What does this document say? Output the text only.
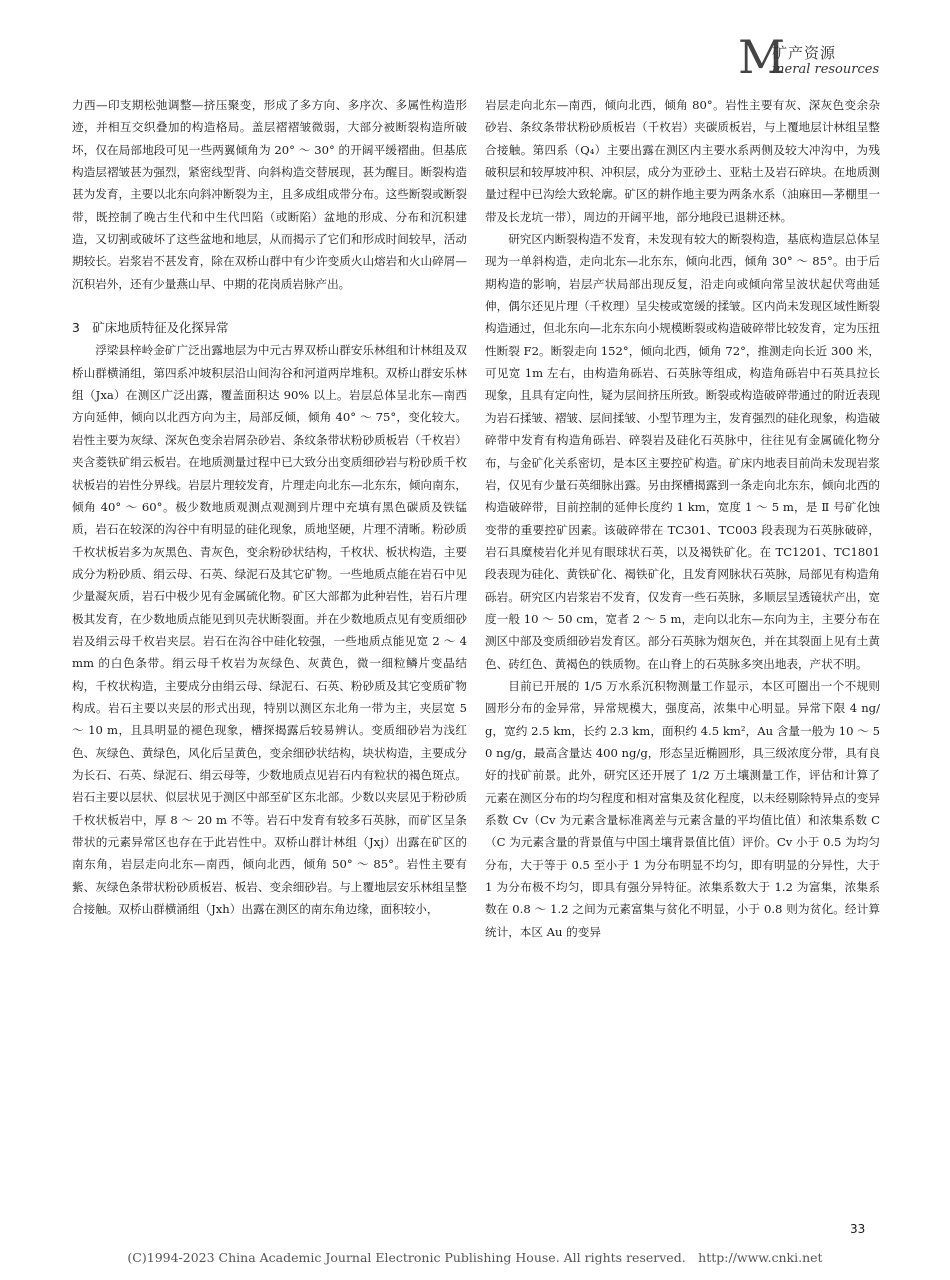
M
矿产资源
ineral resources

力西—印支期松弛调整—挤压聚变，形成了多方向、多序次、多属性构造形迹，并相互交织叠加的构造格局。盖层褶褶皱微弱，大部分被断裂构造所破坏，仅在局部地段可见一些两翼倾角为 20° ～ 30° 的开阔平缓褶曲。但基底构造层褶皱甚为强烈，紧密线型背、向斜构造交替展现，甚为醒目。断裂构造甚为发育，主要以北东向斜冲断裂为主，且多成组成带分布。这些断裂或断裂带，既控制了晚古生代和中生代凹陷（或断陷）盆地的形成、分布和沉积建造，又切割或破坏了这些盆地和地层，从而揭示了它们和形成时间较早，活动期较长。岩浆岩不甚发育，除在双桥山群中有少许变质火山熔岩和火山碎屑—沉积岩外，还有少量燕山早、中期的花岗质岩脉产出。

3　矿床地质特征及化探异常

浮梁县梓岭金矿广泛出露地层为中元古界双桥山群安乐林组和计林组及双桥山群横涌组，第四系冲坡积层沿山间沟谷和河道两岸堆积。双桥山群安乐林组（Jxa）在测区广泛出露，覆盖面积达 90% 以上。岩层总体呈北东—南西方向延伸，倾向以北西方向为主，局部反倾，倾角 40° ～ 75°，变化较大。岩性主要为灰绿、深灰色变余岩屑杂砂岩、条纹条带状粉砂质板岩（千枚岩）夹含菱铁矿绢云板岩。在地质测量过程中已大致分出变质细砂岩与粉砂质千枚状板岩的岩性分界线。岩层片理较发育，片理走向北东—北东东，倾向南东，倾角 40° ～ 60°。极少数地质观测点观测到片理中充填有黑色碳质及铁锰质，岩石在较深的沟谷中有明显的硅化现象，质地坚硬，片理不清晰。粉砂质千枚状板岩多为灰黑色、青灰色，变余粉砂状结构，千枚状、板状构造，主要成分为粉砂质、绢云母、石英、绿泥石及其它矿物。一些地质点能在岩石中见少量凝灰质，岩石中极少见有金属硫化物。矿区大部都为此种岩性，岩石片理极其发育，在少数地质点能见到贝壳状断裂面。并在少数地质点见有变质细砂岩及绢云母千枚岩夹层。岩石在沟谷中硅化较强，一些地质点能见宽 2 ～ 4 mm 的白色条带。绢云母千枚岩为灰绿色、灰黄色，微一细粒鳞片变晶结构，千枚状构造，主要成分由绢云母、绿泥石、石英、粉砂质及其它变质矿物构成。岩石主要以夹层的形式出现，特别以测区东北角一带为主，夹层宽 5 ～ 10 m，且具明显的褪色现象，槽探揭露后较易辨认。变质细砂岩为浅红色、灰绿色、黄绿色，风化后呈黄色，变余细砂状结构，块状构造，主要成分为长石、石英、绿泥石、绢云母等，少数地质点见岩石内有粒状的褐色斑点。岩石主要以层状、似层状见于测区中部至矿区东北部。少数以夹层见于粉砂质千枚状板岩中，厚 8 ～ 20 m 不等。岩石中发育有较多石英脉，而矿区呈条带状的元素异常区也存在于此岩性中。双桥山群计林组（Jxj）出露在矿区的南东角，岩层走向北东—南西，倾向北西，倾角 50° ～ 85°。岩性主要有紫、灰绿色条带状粉砂质板岩、板岩、变余细砂岩。与上覆地层安乐林组呈整合接触。双桥山群横涌组（Jxh）出露在测区的南东角边缘，面积较小，

岩层走向北东—南西，倾向北西，倾角 80°。岩性主要有灰、深灰色变余杂砂岩、条纹条带状粉砂质板岩（千枚岩）夹碳质板岩，与上覆地层计林组呈整合接触。第四系（Q₄）主要出露在测区内主要水系两侧及较大冲沟中，为残破积层和较厚坡冲积、冲积层，成分为亚砂土、亚粘土及岩石碎块。在地质测量过程中已沟绘大致轮廓。矿区的耕作地主要为两条水系（油麻田—茅棚里一带及长龙坑一带），周边的开阔平地，部分地段已退耕还林。

研究区内断裂构造不发育，未发现有较大的断裂构造，基底构造层总体呈现为一单斜构造，走向北东—北东东，倾向北西，倾角 30° ～ 85°。由于后期构造的影响，岩层产状局部出现反复，沿走向或倾向常呈波状起伏弯曲延伸，偶尔还见片理（千枚理）呈尖棱或宽缓的揉皱。区内尚未发现区域性断裂构造通过，但北东向—北东东向小规模断裂或构造破碎带比较发育，定为压扭性断裂 F2。断裂走向 152°，倾向北西，倾角 72°，推测走向长近 300 米，可见宽 1m 左右，由构造角砾岩、石英脉等组成，构造角砾岩中石英具拉长现象，且具有定向性，疑为层间挤压所致。断裂或构造破碎带通过的附近表现为岩石揉皱、褶皱、层间揉皱、小型节理为主，发育强烈的硅化现象，构造破碎带中发育有构造角砾岩、碎裂岩及硅化石英脉中，往往见有金属硫化物分布，与金矿化关系密切，是本区主要控矿构造。矿床内地表目前尚未发现岩浆岩，仅见有少量石英细脉出露。另由探槽揭露到一条走向北东东，倾向北西的构造破碎带，目前控制的延伸长度约 1 km，宽度 1 ～ 5 m，是 Ⅱ 号矿化蚀变带的重要控矿因素。该破碎带在 TC301、TC003 段表现为石英脉破碎，岩石具糜棱岩化并见有眼球状石英，以及褐铁矿化。在 TC1201、TC1801 段表现为硅化、黄铁矿化、褐铁矿化，且发育网脉状石英脉，局部见有构造角砾岩。研究区内岩浆岩不发育，仅发育一些石英脉，多顺层呈透镜状产出，宽度一般 10 ～ 50 cm，宽者 2 ～ 5 m，走向以北东—东向为主，主要分布在测区中部及变质细砂岩发育区。部分石英脉为烟灰色，并在其裂面上见有土黄色、砖红色、黄褐色的铁质物。在山脊上的石英脉多突出地表，产状不明。

目前已开展的 1/5 万水系沉积物测量工作显示，本区可圈出一个不规则圆形分布的金异常，异常规模大，强度高，浓集中心明显。异常下限 4 ng/g，宽约 2.5 km，长约 2.3 km，面积约 4.5 km²，Au 含量一般为 10 ～ 50 ng/g，最高含量达 400 ng/g，形态呈近椭圆形，具三级浓度分带，具有良好的找矿前景。此外，研究区还开展了 1/2 万土壤测量工作，评估和计算了元素在测区分布的均匀程度和相对富集及贫化程度，以未经剔除特异点的变异系数 Cv（Cv 为元素含量标准离差与元素含量的平均值比值）和浓集系数 C（C 为元素含量的背景值与中国土壤背景值比值）评价。Cv 小于 0.5 为均匀分布，大于等于 0.5 至小于 1 为分布明显不均匀，即有明显的分异性，大于 1 为分布极不均匀，即具有强分异特征。浓集系数大于 1.2 为富集，浓集系数在 0.8 ～ 1.2 之间为元素富集与贫化不明显，小于 0.8 则为贫化。经计算统计，本区 Au 的变异

33
(C)1994-2023 China Academic Journal Electronic Publishing House. All rights reserved.　http://www.cnki.net
